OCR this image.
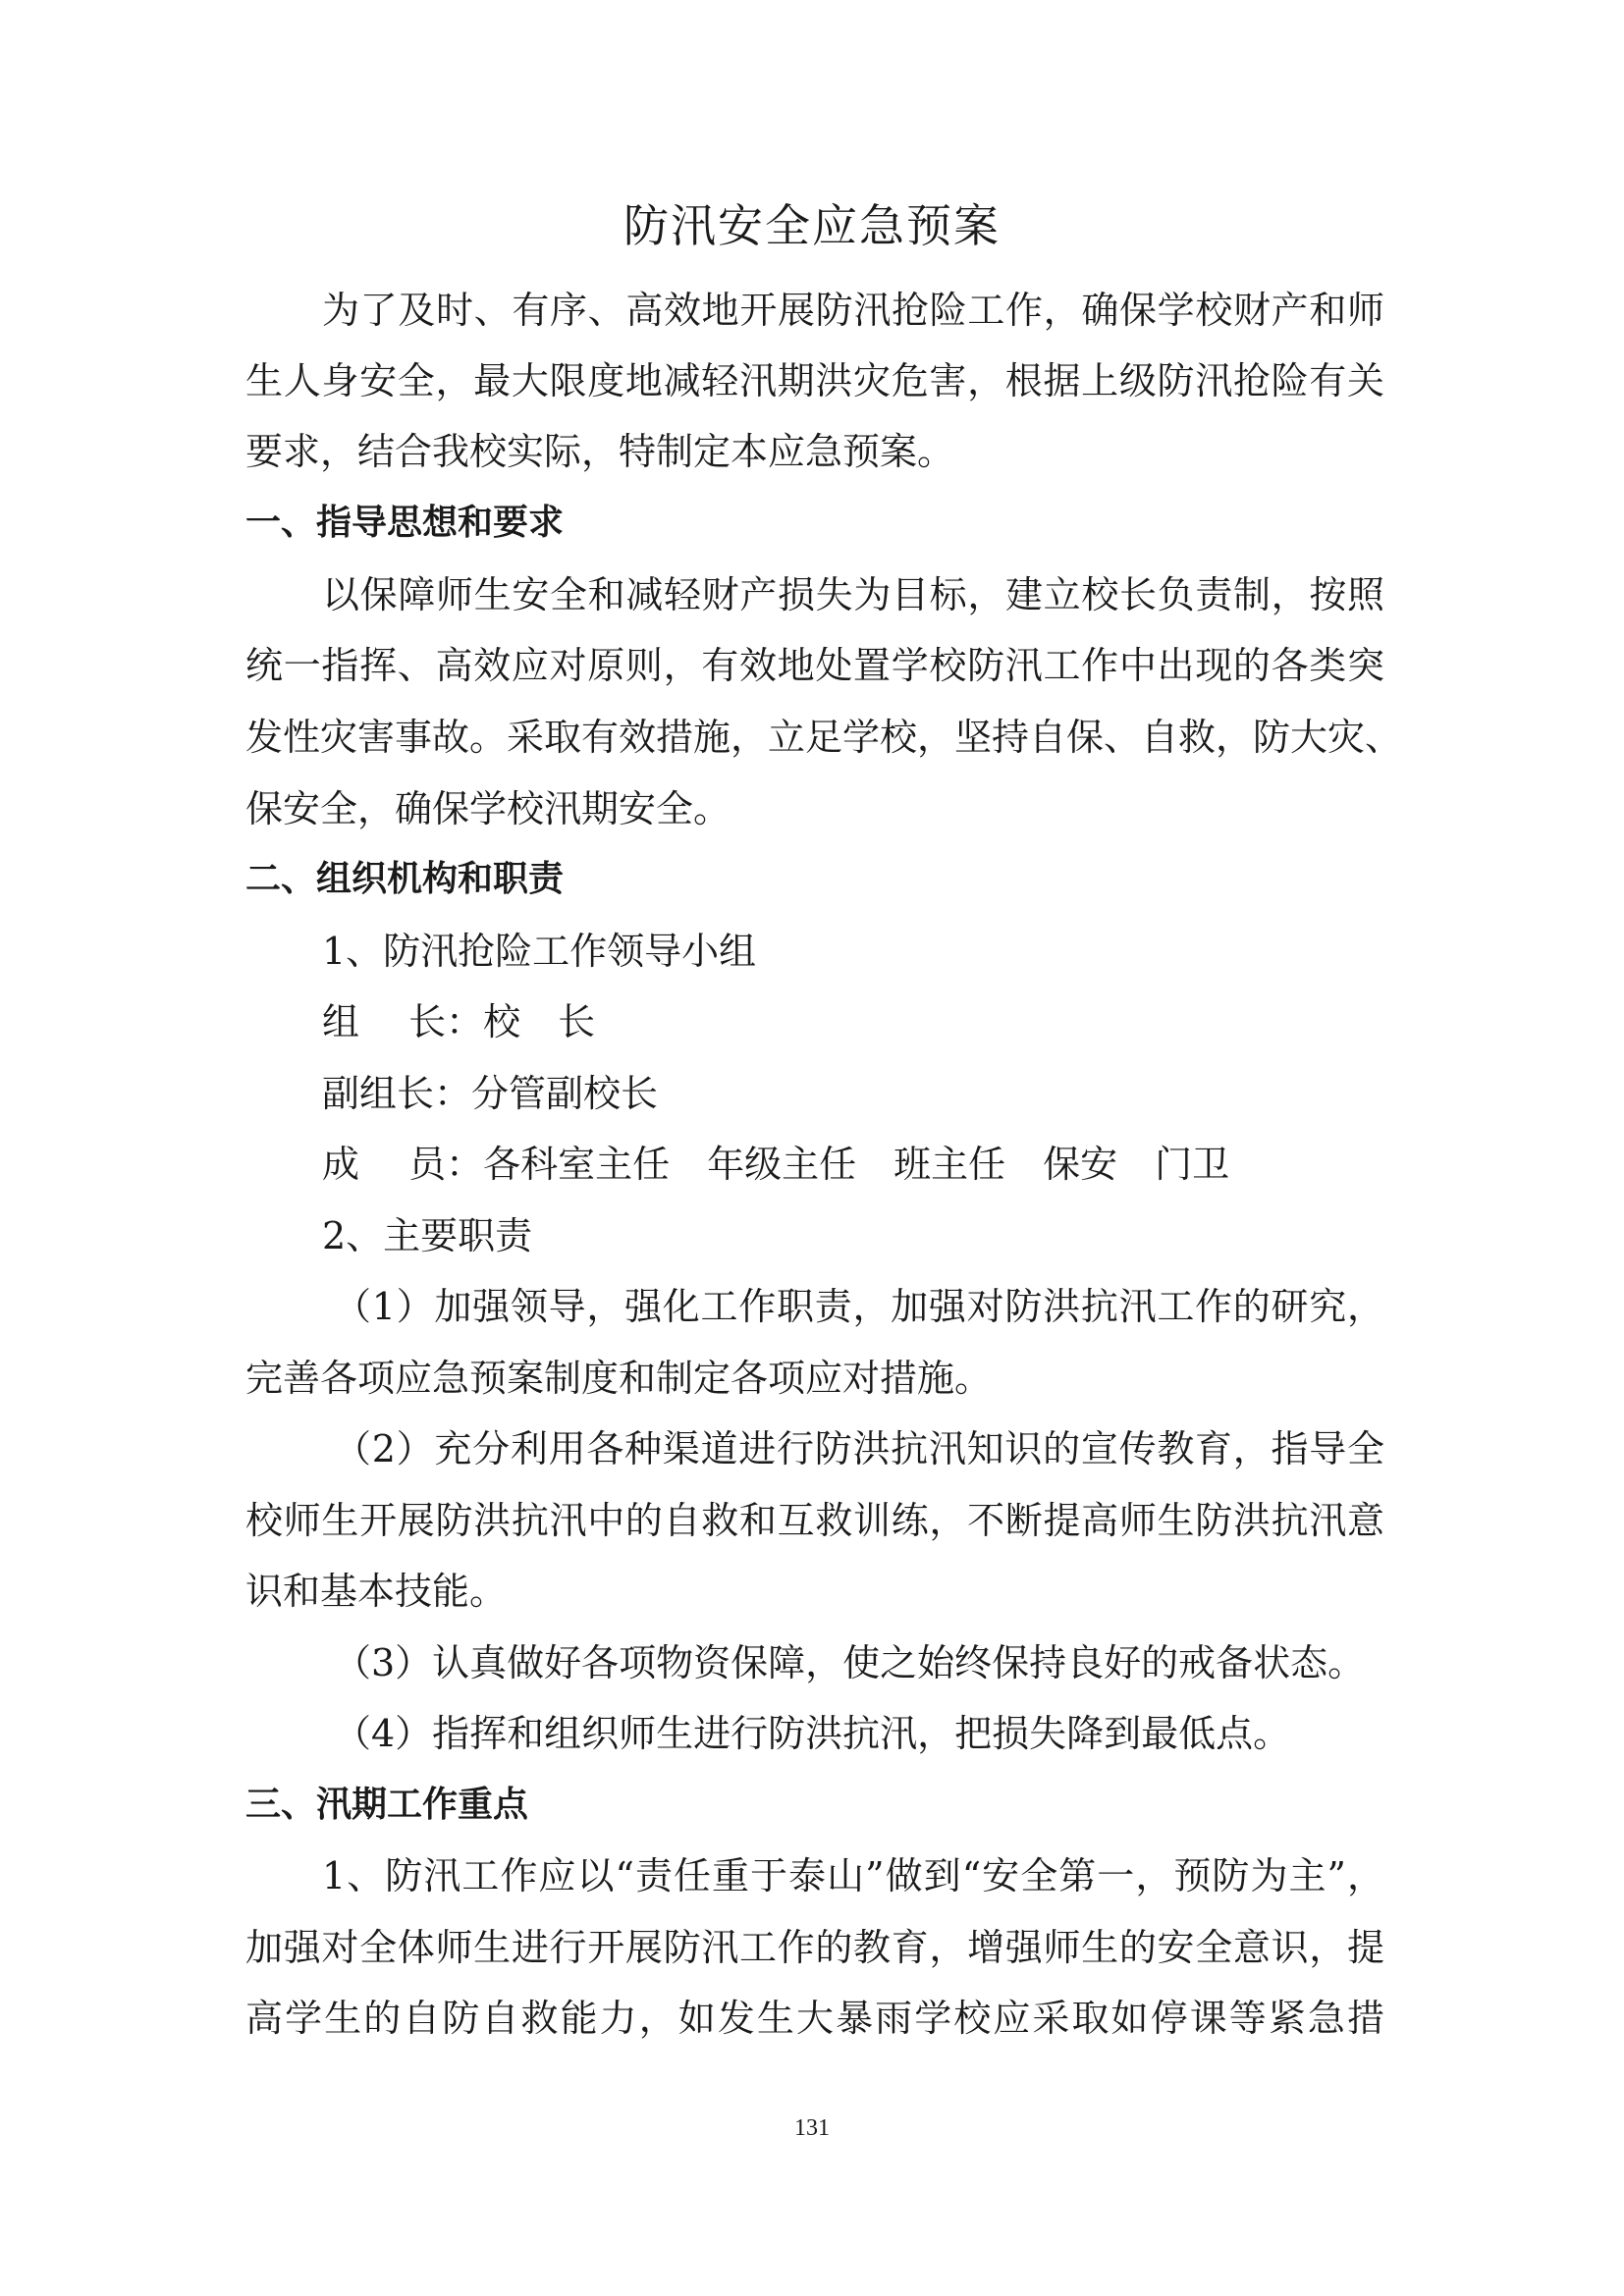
防汛安全应急预案

为了及时、有序、高效地开展防汛抢险工作，确保学校财产和师

生人身安全，最大限度地减轻汛期洪灾危害，根据上级防汛抢险有关

要求，结合我校实际，特制定本应急预案。

一、指导思想和要求

以保障师生安全和减轻财产损失为目标，建立校长负责制，按照

统一指挥、高效应对原则，有效地处置学校防汛工作中出现的各类突

发性灾害事故。采取有效措施，立足学校，坚持自保、自救，防大灾、

保安全，确保学校汛期安全。

二、组织机构和职责

1、防汛抢险工作领导小组

组　 长：校　长

副组长：分管副校长

成　 员：各科室主任　年级主任　班主任　保安　门卫

2、主要职责

（1）加强领导，强化工作职责，加强对防洪抗汛工作的研究，

完善各项应急预案制度和制定各项应对措施。

（2）充分利用各种渠道进行防洪抗汛知识的宣传教育，指导全

校师生开展防洪抗汛中的自救和互救训练，不断提高师生防洪抗汛意

识和基本技能。

（3）认真做好各项物资保障，使之始终保持良好的戒备状态。

（4）指挥和组织师生进行防洪抗汛，把损失降到最低点。

三、汛期工作重点

1、防汛工作应以“责任重于泰山”做到“安全第一，预防为主”，

加强对全体师生进行开展防汛工作的教育，增强师生的安全意识，提

高学生的自防自救能力，如发生大暴雨学校应采取如停课等紧急措

131
